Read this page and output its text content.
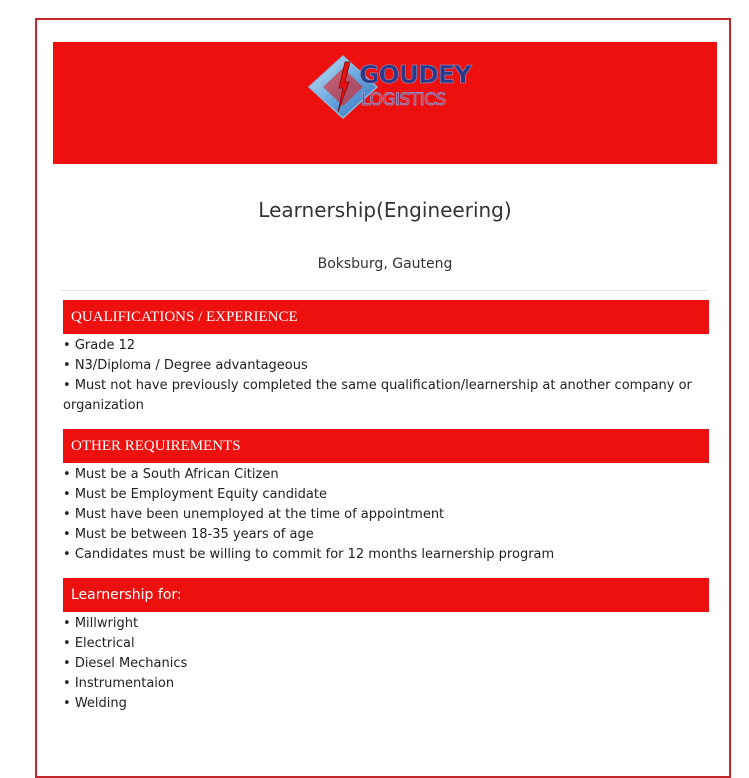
GOUDEY
LOGISTICS
Learnership(Engineering)
Boksburg, Gauteng
QUALIFICATIONS / EXPERIENCE
• Grade 12
• N3/Diploma / Degree advantageous
• Must not have previously completed the same qualification/learnership at another company or organization
OTHER REQUIREMENTS
• Must be a South African Citizen
• Must be Employment Equity candidate
• Must have been unemployed at the time of appointment
• Must be between 18-35 years of age
• Candidates must be willing to commit for 12 months learnership program
Learnership for:
• Millwright
• Electrical
• Diesel Mechanics
• Instrumentaion
• Welding
